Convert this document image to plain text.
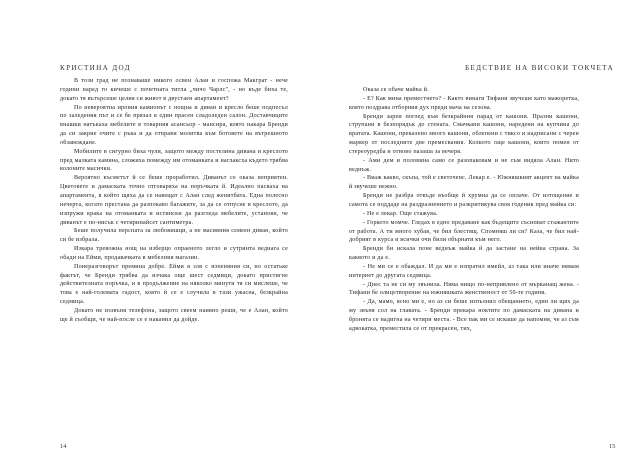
КРИСТИНА ДОД

В този град не познаваше никого освен Алан и госпожа Макграт - нече години наред го кичеше с почетната титла „чичо Чарлс", - но къде биха те, докато тя вътърсеше целия си живот в двустаен апартамент?

По невероятна ирония камионът с нощна и диван и кресло беше подпесъл по заледения път и се бе прязал в един прасен сладоледен салон. Доставчиците внашки натъкаха мебелите в товарния асансьор - мансира, която накара Бренди да си закрие очите с ръка и да отправи молитва към ботовете на вътрешното обзавеждане.

Мобилите в сигурно биха чули, защото между постелина диванa и креслото пред малката камина, сложиха помежду им отоманката и наглаксха където трябва колоните масички.

Вероятно късметът й се беше проработил. Диванът се оказа неприятен. Цветовете и дамаската точно отговаряха на поръчката й. Идеално пасваха на апартамента, в който щяха да се навещат с Алан след женитбата. Една полесно нечерта, когато престана да разпокаво багажите, за да се отпусне в креслото, да изпружи крака на отоманката и истински да разгледа мебелите, установи, че диванът е по-нисък с четиринайсет сантиметра.

Беше получила перспата за любовишци, а не масивния семеен диван, който си бе избрала.

Изкара тревожна нощ на изберцо опраеното легло и сутринта веднага се обади на Ейми, продавачката в мебелния магазин.

Понеразговорът премина добре. Ейми я зля с изпеняния си, но остатьке фактът, че Бренди трябва да изчака още шест седмици, докато пристигне действителната поръчка, и в продължение на няколко минути тя си мислеше, че това е най-големата гадост, която й се е случила в тази ужасна, безкрайна седмица.

Докато не иззвъня телефона, защото свеем наивно реши, че е Алан, който ще й съобщи, че най-после се е наканил да дойде.

14
БЕДСТВИЕ НА ВИСОКИ ТОКЧЕТА

Оказа се обаче майка й.

- Е? Как мина преместнето? - Както винаги Тифани звучеше като мажоретка, която поздрава отборния дух преди мача на сезона.

Бренди зареи поглед към безкрайния парад от кашони. Празни кашони, струпани в безпорядък до стената. Смачкани кашони, наредени на купчина до вратата. Кашони, прекалено много кашони, облепени с тиксо и надписани с черен маркер от последните две премесвания. Колкото още кашони, които помен от стереоуредба и отново пазаша за вечеря.

- Ами дем и половина само се разопаковам и не съм видяла Алан. Нито веднъж.

- Вваж какво, скъпа, той е светоченс. Лекар е. - Южняшкият акцент на майка й звучеше нежно.

Бренди не разбра откъде въобще й хрумна да се оплаче. От изтощение и самота се поддаде на раздразнението и разкритикува своя годеник пред майка си:

- Не е лекар. Още стажува.

- Горкото момче. Гледах в едно предаване как бъдещите съсипват стажантите от работа. А ти много хубав, че бил блестящ. Спомняш ли си? Каза, че бил най-добрият в курса и всички очи били обърнати към него.

Бренди би искала поне веднъж майка й да застане на нейна страна. За каквото и да е.

- Не ми се е обаждал. И да ми е изпратил имейл, аз така или иначе нямам интернет до другата седмица.

- Днес та не си му звънила. Няма нищо по-непривлено от мърканащ жена. - Тифани бе олицетворение на южняшката женственост от 50-те години.

- Да, мамо, ясно ми е, но аз си беше изпълнил обещанието, един ли щях да му звъня сол на главата. - Бренди прекара ноктите по дамаската на дивана и бронята се надигна на четири места. - Все пак ми се искаше да напомня, че аз съм адвокатка, преместила се от прекрасен, тих,

15
